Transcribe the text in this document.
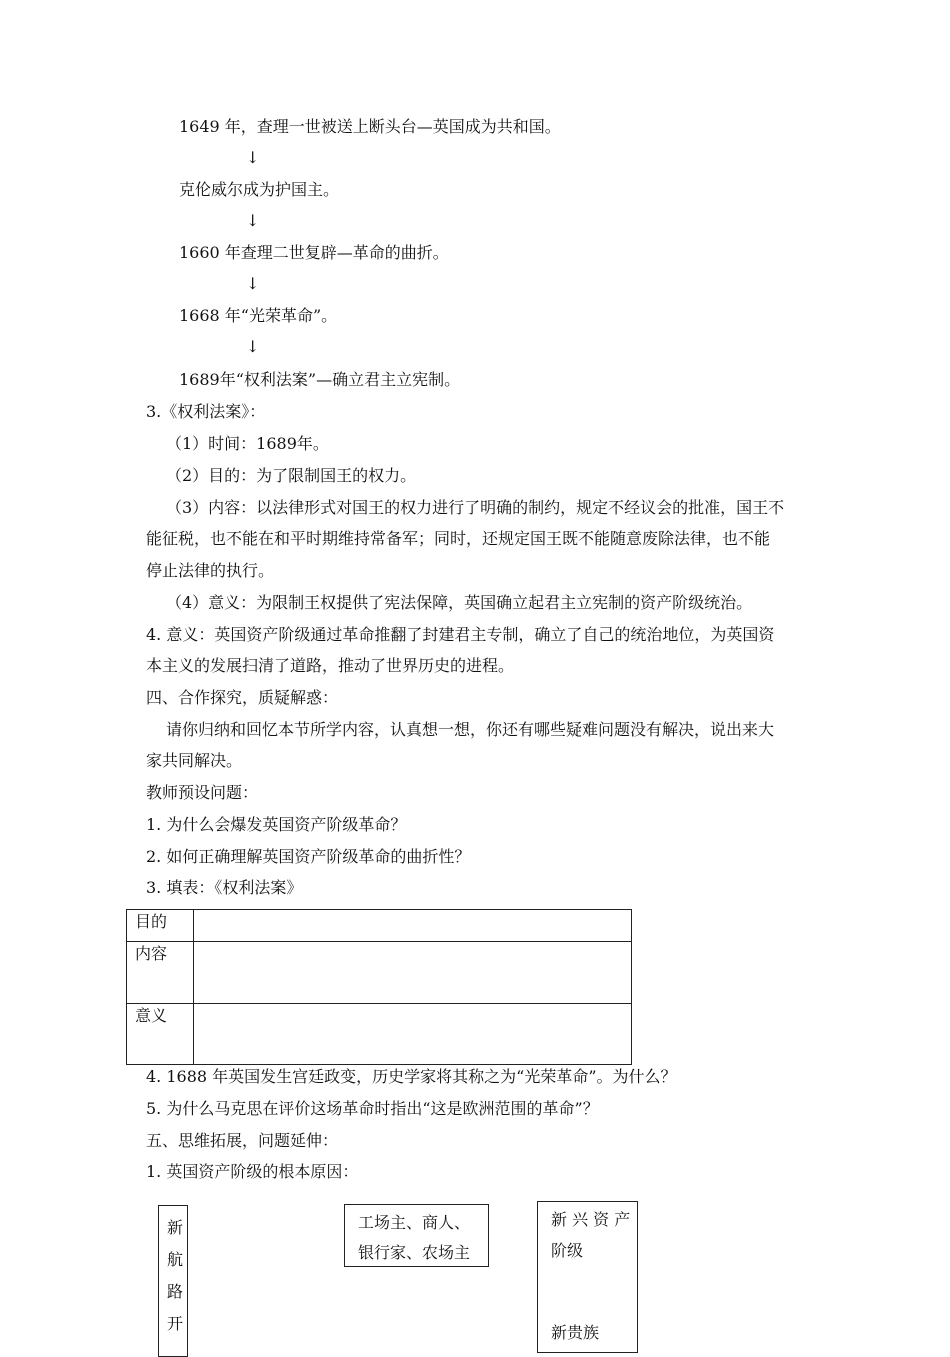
1649 年，查理一世被送上断头台—英国成为共和国。
↓
克伦威尔成为护国主。
↓
1660 年查理二世复辟—革命的曲折。
↓
1668 年“光荣革命”。
↓
1689年“权利法案”—确立君主立宪制。
3.《权利法案》：
（1）时间：1689年。
（2）目的：为了限制国王的权力。
（3）内容：以法律形式对国王的权力进行了明确的制约，规定不经议会的批准，国王不
能征税，也不能在和平时期维持常备军；同时，还规定国王既不能随意废除法律，也不能
停止法律的执行。
（4）意义：为限制王权提供了宪法保障，英国确立起君主立宪制的资产阶级统治。
4. 意义：英国资产阶级通过革命推翻了封建君主专制，确立了自己的统治地位，为英国资
本主义的发展扫清了道路，推动了世界历史的进程。
四、合作探究，质疑解惑：
请你归纳和回忆本节所学内容，认真想一想，你还有哪些疑难问题没有解决，说出来大
家共同解决。
教师预设问题：
1. 为什么会爆发英国资产阶级革命？
2. 如何正确理解英国资产阶级革命的曲折性？
3. 填表：《权利法案》
目的	
内容	
意义	
4. 1688 年英国发生宫廷政变，历史学家将其称之为“光荣革命”。为什么？
5. 为什么马克思在评价这场革命时指出“这是欧洲范围的革命”？
五、思维拓展，问题延伸：
1. 英国资产阶级的根本原因：
新
航
路
开
工场主、商人、
银行家、农场主
新 兴 资 产
阶级
新贵族
